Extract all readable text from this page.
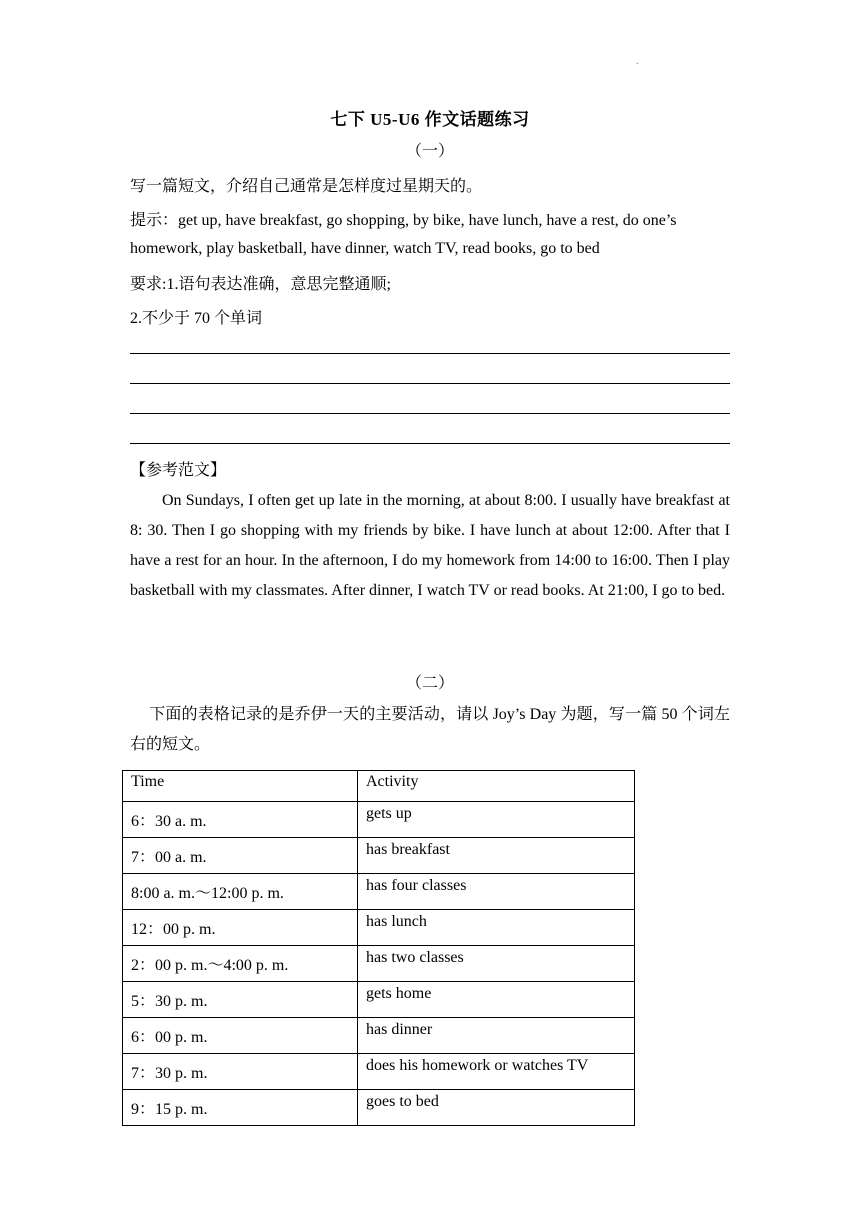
.
七下 U5-U6 作文话题练习
（一）
写一篇短文，介绍自己通常是怎样度过星期天的。
提示：get up, have breakfast, go shopping, by bike, have lunch, have a rest, do one’s
homework, play basketball, have dinner, watch TV, read books, go to bed
要求:1.语句表达准确，意思完整通顺;
2.不少于 70 个单词
【参考范文】
On Sundays, I often get up late in the morning, at about 8:00. I usually have breakfast at 8: 30. Then I go shopping with my friends by bike. I have lunch at about 12:00. After that I have a rest for an hour. In the afternoon, I do my homework from 14:00 to 16:00. Then I play basketball with my classmates. After dinner, I watch TV or read books. At 21:00, I go to bed.
（二）
下面的表格记录的是乔伊一天的主要活动，请以 Joy’s Day 为题，写一篇 50 个词左右的短文。
Time	Activity
6：30 a. m.	gets up
7：00 a. m.	has breakfast
8:00 a. m.～12:00 p. m.	has four classes
12：00 p. m.	has lunch
2：00 p. m.～4:00 p. m.	has two classes
5：30 p. m.	gets home
6：00 p. m.	has dinner
7：30 p. m.	does his homework or watches TV
9：15 p. m.	goes to bed
